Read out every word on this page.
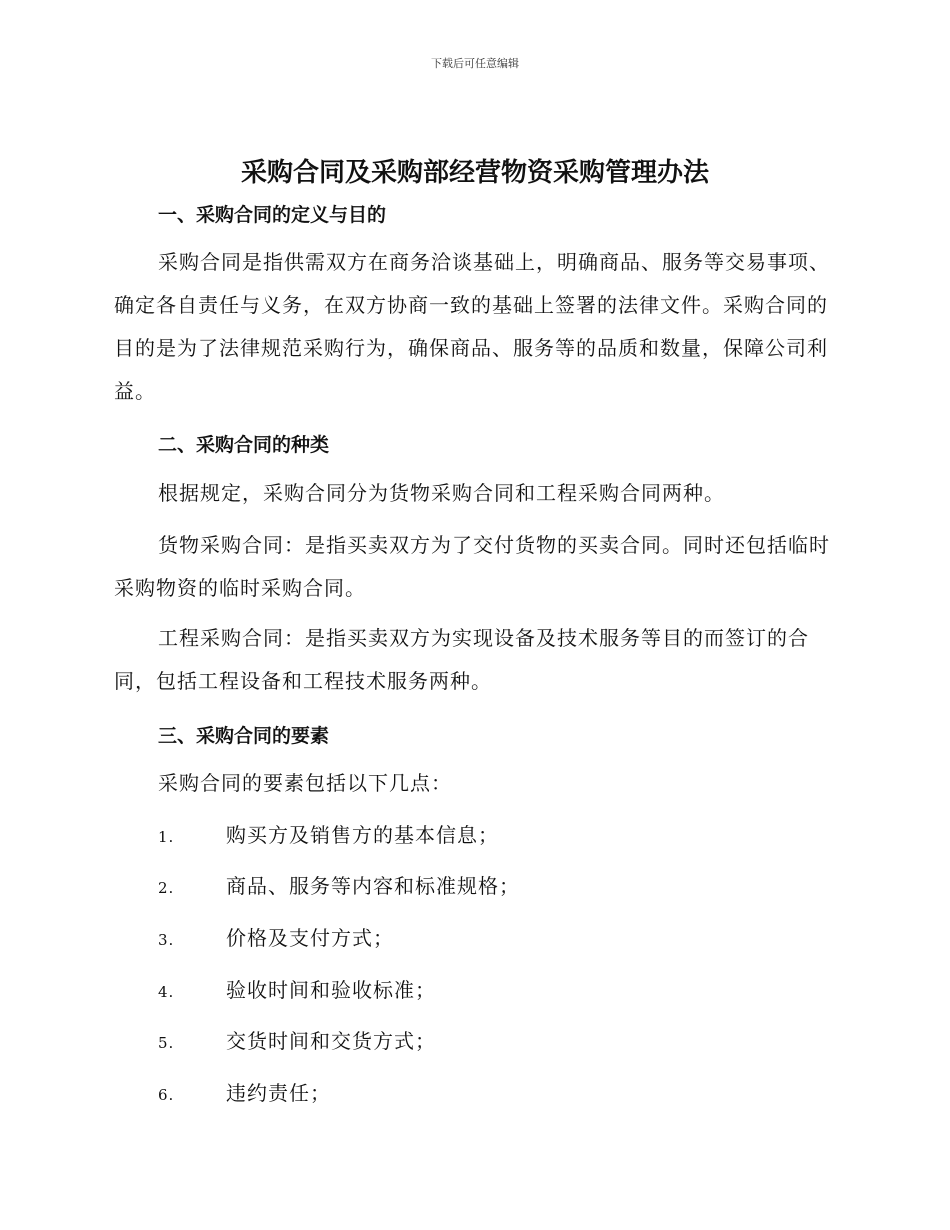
下载后可任意编辑
采购合同及采购部经营物资采购管理办法
一、采购合同的定义与目的
采购合同是指供需双方在商务洽谈基础上，明确商品、服务等交易事项、确定各自责任与义务，在双方协商一致的基础上签署的法律文件。采购合同的目的是为了法律规范采购行为，确保商品、服务等的品质和数量，保障公司利益。
二、采购合同的种类
根据规定，采购合同分为货物采购合同和工程采购合同两种。
货物采购合同：是指买卖双方为了交付货物的买卖合同。同时还包括临时采购物资的临时采购合同。
工程采购合同：是指买卖双方为实现设备及技术服务等目的而签订的合同，包括工程设备和工程技术服务两种。
三、采购合同的要素
采购合同的要素包括以下几点：
1.	购买方及销售方的基本信息；
2.	商品、服务等内容和标准规格；
3.	价格及支付方式；
4.	验收时间和验收标准；
5.	交货时间和交货方式；
6.	违约责任；
